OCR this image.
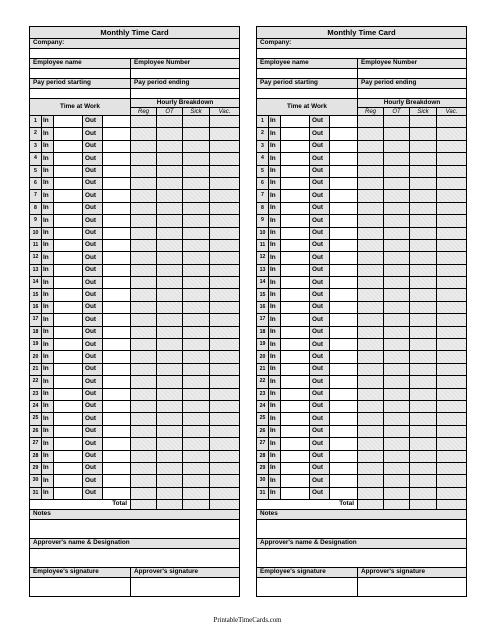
Monthly Time Card								
Company:								

Employee name					Employee Number			

Pay period starting					Pay period ending			

Time at Work					Hourly Breakdown			
					Reg	OT	Sick	Vac.
1	In		Out					
2	In		Out					
3	In		Out					
4	In		Out					
5	In		Out					
6	In		Out					
7	In		Out					
8	In		Out					
9	In		Out					
10	In		Out					
11	In		Out					
12	In		Out					
13	In		Out					
14	In		Out					
15	In		Out					
16	In		Out					
17	In		Out					
18	In		Out					
19	In		Out					
20	In		Out					
21	In		Out					
22	In		Out					
23	In		Out					
24	In		Out					
25	In		Out					
26	In		Out					
27	In		Out					
28	In		Out					
29	In		Out					
30	In		Out					
31	In		Out					
Total								
Notes								

Approver's name & Designation								

Employee's signature					Approver's signature			

Monthly Time Card								
Company:								

Employee name					Employee Number			

Pay period starting					Pay period ending			

Time at Work					Hourly Breakdown			
					Reg	OT	Sick	Vac.
1	In		Out					
2	In		Out					
3	In		Out					
4	In		Out					
5	In		Out					
6	In		Out					
7	In		Out					
8	In		Out					
9	In		Out					
10	In		Out					
11	In		Out					
12	In		Out					
13	In		Out					
14	In		Out					
15	In		Out					
16	In		Out					
17	In		Out					
18	In		Out					
19	In		Out					
20	In		Out					
21	In		Out					
22	In		Out					
23	In		Out					
24	In		Out					
25	In		Out					
26	In		Out					
27	In		Out					
28	In		Out					
29	In		Out					
30	In		Out					
31	In		Out					
Total								
Notes								

Approver's name & Designation								

Employee's signature					Approver's signature			

PrintableTimeCards.com
